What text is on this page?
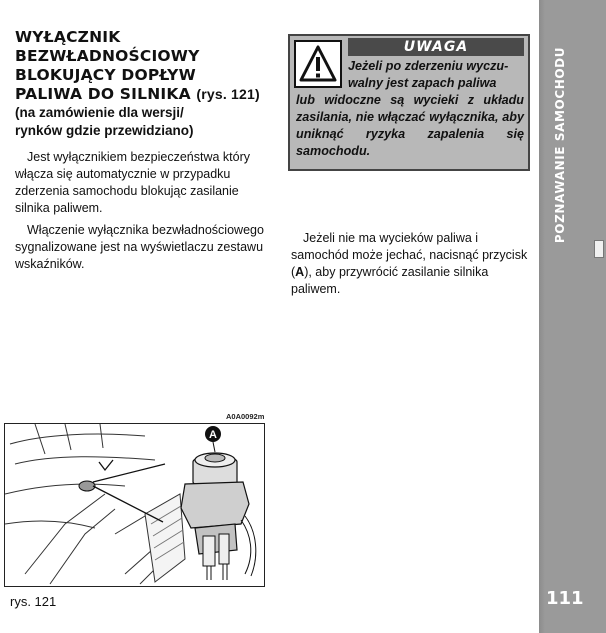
WYŁĄCZNIK
BEZWŁADNOŚCIOWY
BLOKUJĄCY DOPŁYW
PALIWA DO SILNIKA (rys. 121)
(na zamówienie dla wersji/
rynków gdzie przewidziano)
Jest wyłącznikiem bezpieczeństwa który włącza się automatycznie w przypadku zderzenia samochodu blokując zasilanie silnika paliwem.
Włączenie wyłącznika bezwładnościowego sygnalizowane jest na wyświetlaczu zestawu wskaźników.
UWAGA
Jeżeli po zderzeniu wyczu-
walny jest zapach paliwa
lub widoczne są wycieki z układu zasilania, nie włączać wyłącznika, aby uniknąć ryzyka zapalenia się samochodu.
Jeżeli nie ma wycieków paliwa i samochód może jechać, nacisnąć przycisk (A), aby przywrócić zasilanie silnika paliwem.
POZNAWANIE SAMOCHODU
111
A0A0092m
A
rys. 121
